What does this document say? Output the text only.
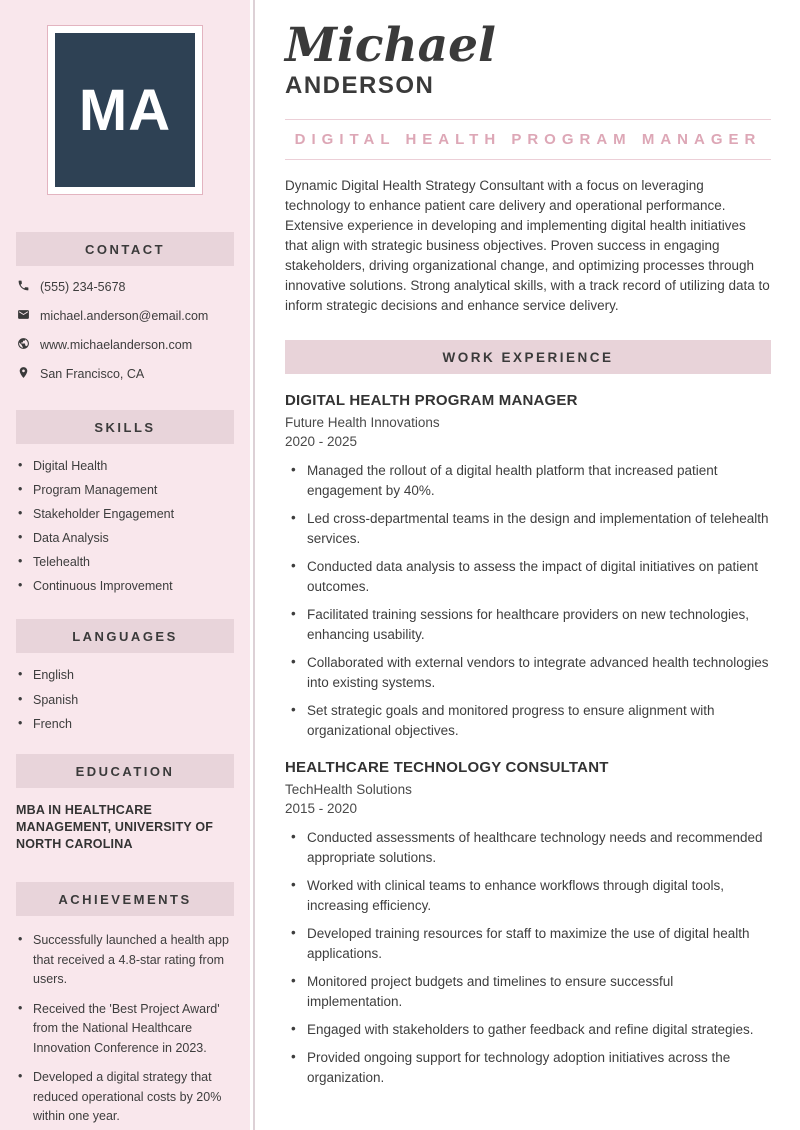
MA
CONTACT
(555) 234-5678
michael.anderson@email.com
www.michaelanderson.com
San Francisco, CA
SKILLS
• Digital Health
• Program Management
• Stakeholder Engagement
• Data Analysis
• Telehealth
• Continuous Improvement
LANGUAGES
• English
• Spanish
• French
EDUCATION
MBA IN HEALTHCARE MANAGEMENT, UNIVERSITY OF NORTH CAROLINA
ACHIEVEMENTS
• Successfully launched a health app that received a 4.8-star rating from users.
• Received the 'Best Project Award' from the National Healthcare Innovation Conference in 2023.
• Developed a digital strategy that reduced operational costs by 20% within one year.
Michael
ANDERSON
DIGITAL HEALTH PROGRAM MANAGER

Dynamic Digital Health Strategy Consultant with a focus on leveraging technology to enhance patient care delivery and operational performance. Extensive experience in developing and implementing digital health initiatives that align with strategic business objectives. Proven success in engaging stakeholders, driving organizational change, and optimizing processes through innovative solutions. Strong analytical skills, with a track record of utilizing data to inform strategic decisions and enhance service delivery.

WORK EXPERIENCE
DIGITAL HEALTH PROGRAM MANAGER
Future Health Innovations
2020 - 2025
• Managed the rollout of a digital health platform that increased patient engagement by 40%.
• Led cross-departmental teams in the design and implementation of telehealth services.
• Conducted data analysis to assess the impact of digital initiatives on patient outcomes.
• Facilitated training sessions for healthcare providers on new technologies, enhancing usability.
• Collaborated with external vendors to integrate advanced health technologies into existing systems.
• Set strategic goals and monitored progress to ensure alignment with organizational objectives.
HEALTHCARE TECHNOLOGY CONSULTANT
TechHealth Solutions
2015 - 2020
• Conducted assessments of healthcare technology needs and recommended appropriate solutions.
• Worked with clinical teams to enhance workflows through digital tools, increasing efficiency.
• Developed training resources for staff to maximize the use of digital health applications.
• Monitored project budgets and timelines to ensure successful implementation.
• Engaged with stakeholders to gather feedback and refine digital strategies.
• Provided ongoing support for technology adoption initiatives across the organization.
